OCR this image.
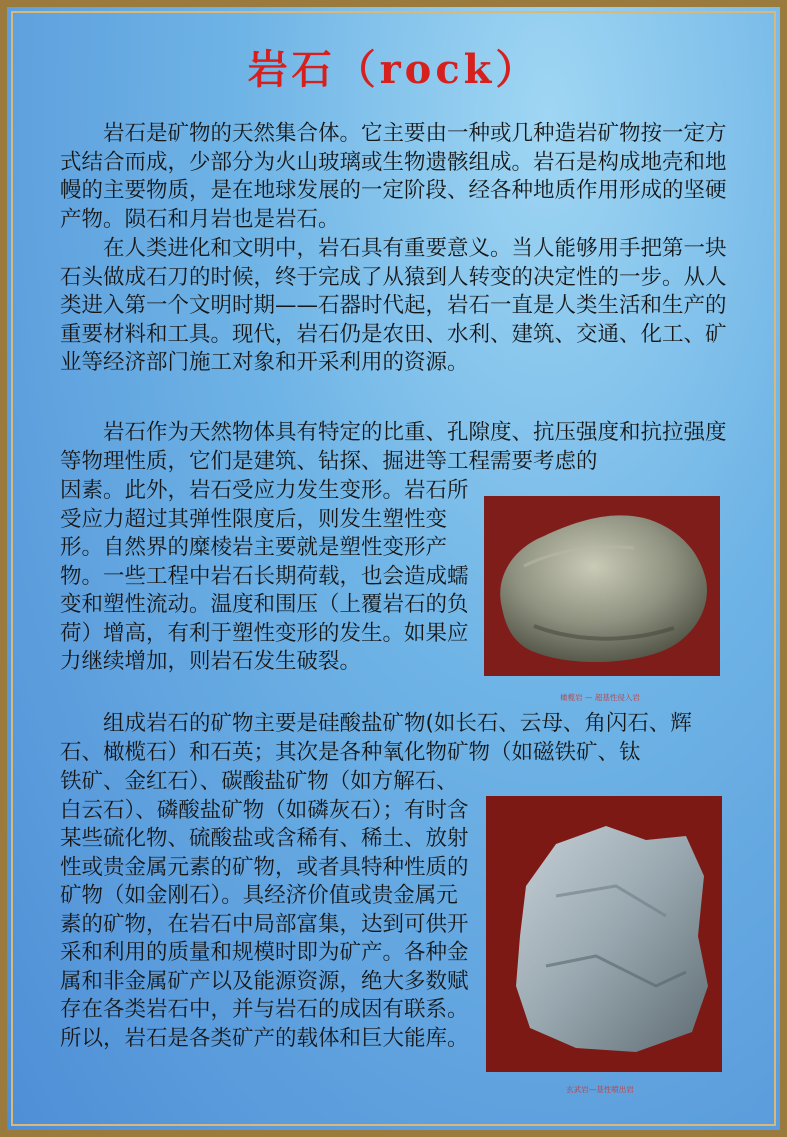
岩石（rock）

岩石是矿物的天然集合体。它主要由一种或几种造岩矿物按一定方式结合而成，少部分为火山玻璃或生物遗骸组成。岩石是构成地壳和地幔的主要物质，是在地球发展的一定阶段、经各种地质作用形成的坚硬产物。陨石和月岩也是岩石。

在人类进化和文明中，岩石具有重要意义。当人能够用手把第一块石头做成石刀的时候，终于完成了从猿到人转变的决定性的一步。从人类进入第一个文明时期——石器时代起，岩石一直是人类生活和生产的重要材料和工具。现代，岩石仍是农田、水利、建筑、交通、化工、矿业等经济部门施工对象和开采利用的资源。

岩石作为天然物体具有特定的比重、孔隙度、抗压强度和抗拉强度等物理性质，它们是建筑、钻探、掘进等工程需要考虑的

因素。此外，岩石受应力发生变形。岩石所受应力超过其弹性限度后，则发生塑性变形。自然界的糜棱岩主要就是塑性变形产物。一些工程中岩石长期荷载，也会造成蠕变和塑性流动。温度和围压（上覆岩石的负荷）增高，有利于塑性变形的发生。如果应力继续增加，则岩石发生破裂。

橄榄岩 — 超基性侵入岩

组成岩石的矿物主要是硅酸盐矿物(如长石、云母、角闪石、辉石、橄榄石）和石英；其次是各种氧化物矿物（如磁铁矿、钛

铁矿、金红石）、碳酸盐矿物（如方解石、白云石）、磷酸盐矿物（如磷灰石）；有时含某些硫化物、硫酸盐或含稀有、稀土、放射性或贵金属元素的矿物，或者具特种性质的矿物（如金刚石）。具经济价值或贵金属元素的矿物，在岩石中局部富集，达到可供开采和利用的质量和规模时即为矿产。各种金属和非金属矿产以及能源资源，绝大多数赋存在各类岩石中，并与岩石的成因有联系。所以，岩石是各类矿产的载体和巨大能库。

玄武岩—基性喷出岩
